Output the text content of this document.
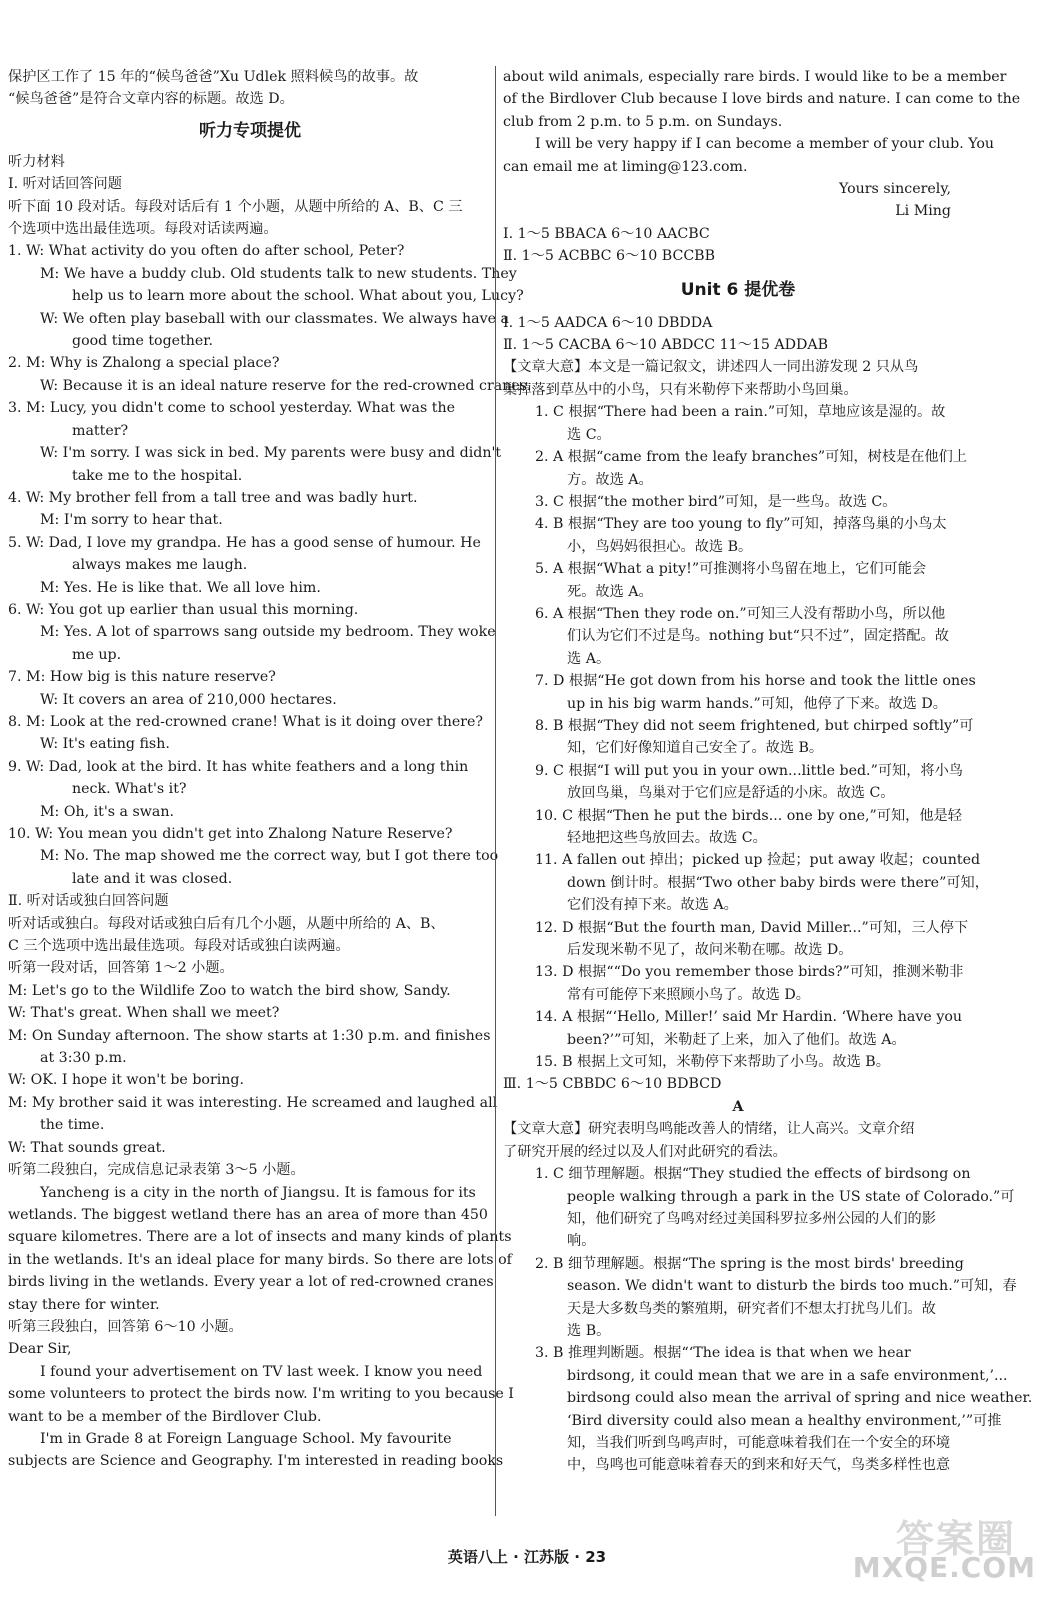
保护区工作了 15 年的“候鸟爸爸”Xu Udlek 照料候鸟的故事。故
“候鸟爸爸”是符合文章内容的标题。故选 D。
听力专项提优
听力材料
Ⅰ. 听对话回答问题
听下面 10 段对话。每段对话后有 1 个小题，从题中所给的 A、B、C 三
个选项中选出最佳选项。每段对话读两遍。
1. W: What activity do you often do after school, Peter?
M: We have a buddy club. Old students talk to new students. They
help us to learn more about the school. What about you, Lucy?
W: We often play baseball with our classmates. We always have a
good time together.
2. M: Why is Zhalong a special place?
W: Because it is an ideal nature reserve for the red-crowned cranes.
3. M: Lucy, you didn't come to school yesterday. What was the
matter?
W: I'm sorry. I was sick in bed. My parents were busy and didn't
take me to the hospital.
4. W: My brother fell from a tall tree and was badly hurt.
M: I'm sorry to hear that.
5. W: Dad, I love my grandpa. He has a good sense of humour. He
always makes me laugh.
M: Yes. He is like that. We all love him.
6. W: You got up earlier than usual this morning.
M: Yes. A lot of sparrows sang outside my bedroom. They woke
me up.
7. M: How big is this nature reserve?
W: It covers an area of 210,000 hectares.
8. M: Look at the red-crowned crane! What is it doing over there?
W: It's eating fish.
9. W: Dad, look at the bird. It has white feathers and a long thin
neck. What's it?
M: Oh, it's a swan.
10. W: You mean you didn't get into Zhalong Nature Reserve?
M: No. The map showed me the correct way, but I got there too
late and it was closed.
Ⅱ. 听对话或独白回答问题
听对话或独白。每段对话或独白后有几个小题，从题中所给的 A、B、
C 三个选项中选出最佳选项。每段对话或独白读两遍。
听第一段对话，回答第 1～2 小题。
M: Let's go to the Wildlife Zoo to watch the bird show, Sandy.
W: That's great. When shall we meet?
M: On Sunday afternoon. The show starts at 1:30 p.m. and finishes
at 3:30 p.m.
W: OK. I hope it won't be boring.
M: My brother said it was interesting. He screamed and laughed all
the time.
W: That sounds great.
听第二段独白，完成信息记录表第 3～5 小题。
Yancheng is a city in the north of Jiangsu. It is famous for its
wetlands. The biggest wetland there has an area of more than 450
square kilometres. There are a lot of insects and many kinds of plants
in the wetlands. It's an ideal place for many birds. So there are lots of
birds living in the wetlands. Every year a lot of red-crowned cranes
stay there for winter.
听第三段独白，回答第 6～10 小题。
Dear Sir,
I found your advertisement on TV last week. I know you need
some volunteers to protect the birds now. I'm writing to you because I
want to be a member of the Birdlover Club.
I'm in Grade 8 at Foreign Language School. My favourite
subjects are Science and Geography. I'm interested in reading books
about wild animals, especially rare birds. I would like to be a member
of the Birdlover Club because I love birds and nature. I can come to the
club from 2 p.m. to 5 p.m. on Sundays.
I will be very happy if I can become a member of your club. You
can email me at liming@123.com.
Yours sincerely,
Li Ming
Ⅰ. 1～5 BBACA 6～10 AACBC
Ⅱ. 1～5 ACBBC 6～10 BCCBB
Unit 6 提优卷
Ⅰ. 1～5 AADCA 6～10 DBDDA
Ⅱ. 1～5 CACBA 6～10 ABDCC 11～15 ADDAB
【文章大意】本文是一篇记叙文，讲述四人一同出游发现 2 只从鸟
巢掉落到草丛中的小鸟，只有米勒停下来帮助小鸟回巢。
1. C 根据“There had been a rain.”可知，草地应该是湿的。故
选 C。
2. A 根据“came from the leafy branches”可知，树枝是在他们上
方。故选 A。
3. C 根据“the mother bird”可知，是一些鸟。故选 C。
4. B 根据“They are too young to fly”可知，掉落鸟巢的小鸟太
小，鸟妈妈很担心。故选 B。
5. A 根据“What a pity!”可推测将小鸟留在地上，它们可能会
死。故选 A。
6. A 根据“Then they rode on.”可知三人没有帮助小鸟，所以他
们认为它们不过是鸟。nothing but“只不过”，固定搭配。故
选 A。
7. D 根据“He got down from his horse and took the little ones
up in his big warm hands.”可知，他停了下来。故选 D。
8. B 根据“They did not seem frightened, but chirped softly”可
知，它们好像知道自己安全了。故选 B。
9. C 根据“I will put you in your own...little bed.”可知，将小鸟
放回鸟巢，鸟巢对于它们应是舒适的小床。故选 C。
10. C 根据“Then he put the birds... one by one,”可知，他是轻
轻地把这些鸟放回去。故选 C。
11. A fallen out 掉出；picked up 捡起；put away 收起；counted
down 倒计时。根据“Two other baby birds were there”可知，
它们没有掉下来。故选 A。
12. D 根据“But the fourth man, David Miller...”可知，三人停下
后发现米勒不见了，故问米勒在哪。故选 D。
13. D 根据““Do you remember those birds?”可知，推测米勒非
常有可能停下来照顾小鸟了。故选 D。
14. A 根据“‘Hello, Miller!’ said Mr Hardin. ‘Where have you
been?’”可知，米勒赶了上来，加入了他们。故选 A。
15. B 根据上文可知，米勒停下来帮助了小鸟。故选 B。
Ⅲ. 1～5 CBBDC 6～10 BDBCD
A
【文章大意】研究表明鸟鸣能改善人的情绪，让人高兴。文章介绍
了研究开展的经过以及人们对此研究的看法。
1. C 细节理解题。根据“They studied the effects of birdsong on
people walking through a park in the US state of Colorado.”可
知，他们研究了鸟鸣对经过美国科罗拉多州公园的人们的影
响。
2. B 细节理解题。根据“The spring is the most birds' breeding
season. We didn't want to disturb the birds too much.”可知，春
天是大多数鸟类的繁殖期，研究者们不想太打扰鸟儿们。故
选 B。
3. B 推理判断题。根据“‘The idea is that when we hear
birdsong, it could mean that we are in a safe environment,’...
birdsong could also mean the arrival of spring and nice weather.
‘Bird diversity could also mean a healthy environment,’”可推
知，当我们听到鸟鸣声时，可能意味着我们在一个安全的环境
中，鸟鸣也可能意味着春天的到来和好天气，鸟类多样性也意
英语八上 · 江苏版 · 23	答案圈
MXQE.COM
